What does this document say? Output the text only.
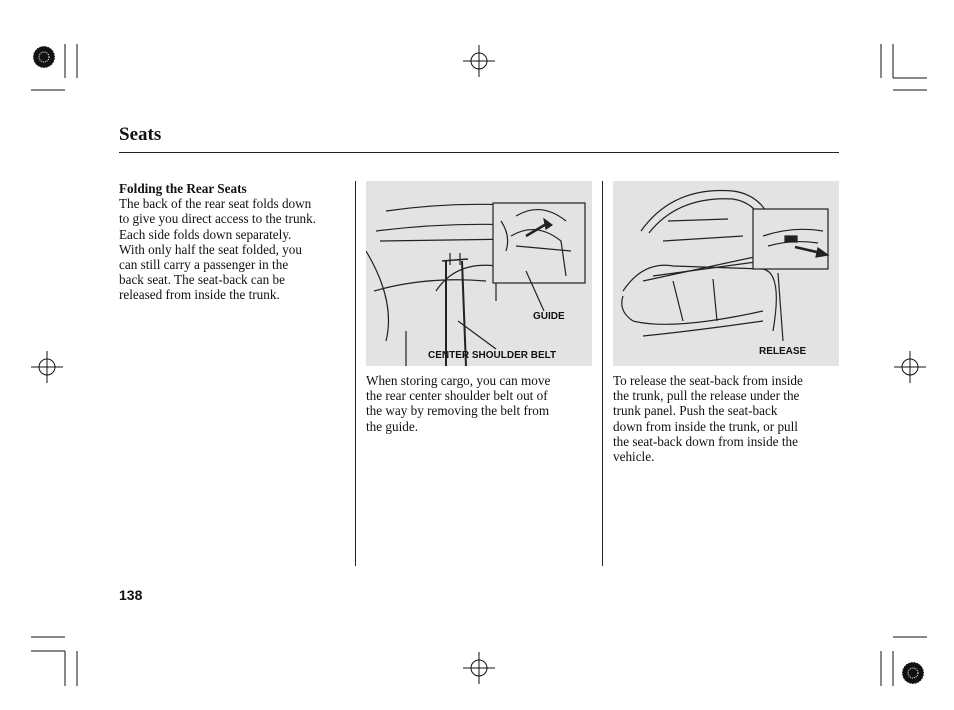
Seats
Folding the Rear Seats
The back of the rear seat folds down
to give you direct access to the trunk.
Each side folds down separately.
With only half the seat folded, you
can still carry a passenger in the
back seat. The seat-back can be
released from inside the trunk.
GUIDE
CENTER SHOULDER BELT
When storing cargo, you can move
the rear center shoulder belt out of
the way by removing the belt from
the guide.
RELEASE
To release the seat-back from inside
the trunk, pull the release under the
trunk panel. Push the seat-back
down from inside the trunk, or pull
the seat-back down from inside the
vehicle.
138
